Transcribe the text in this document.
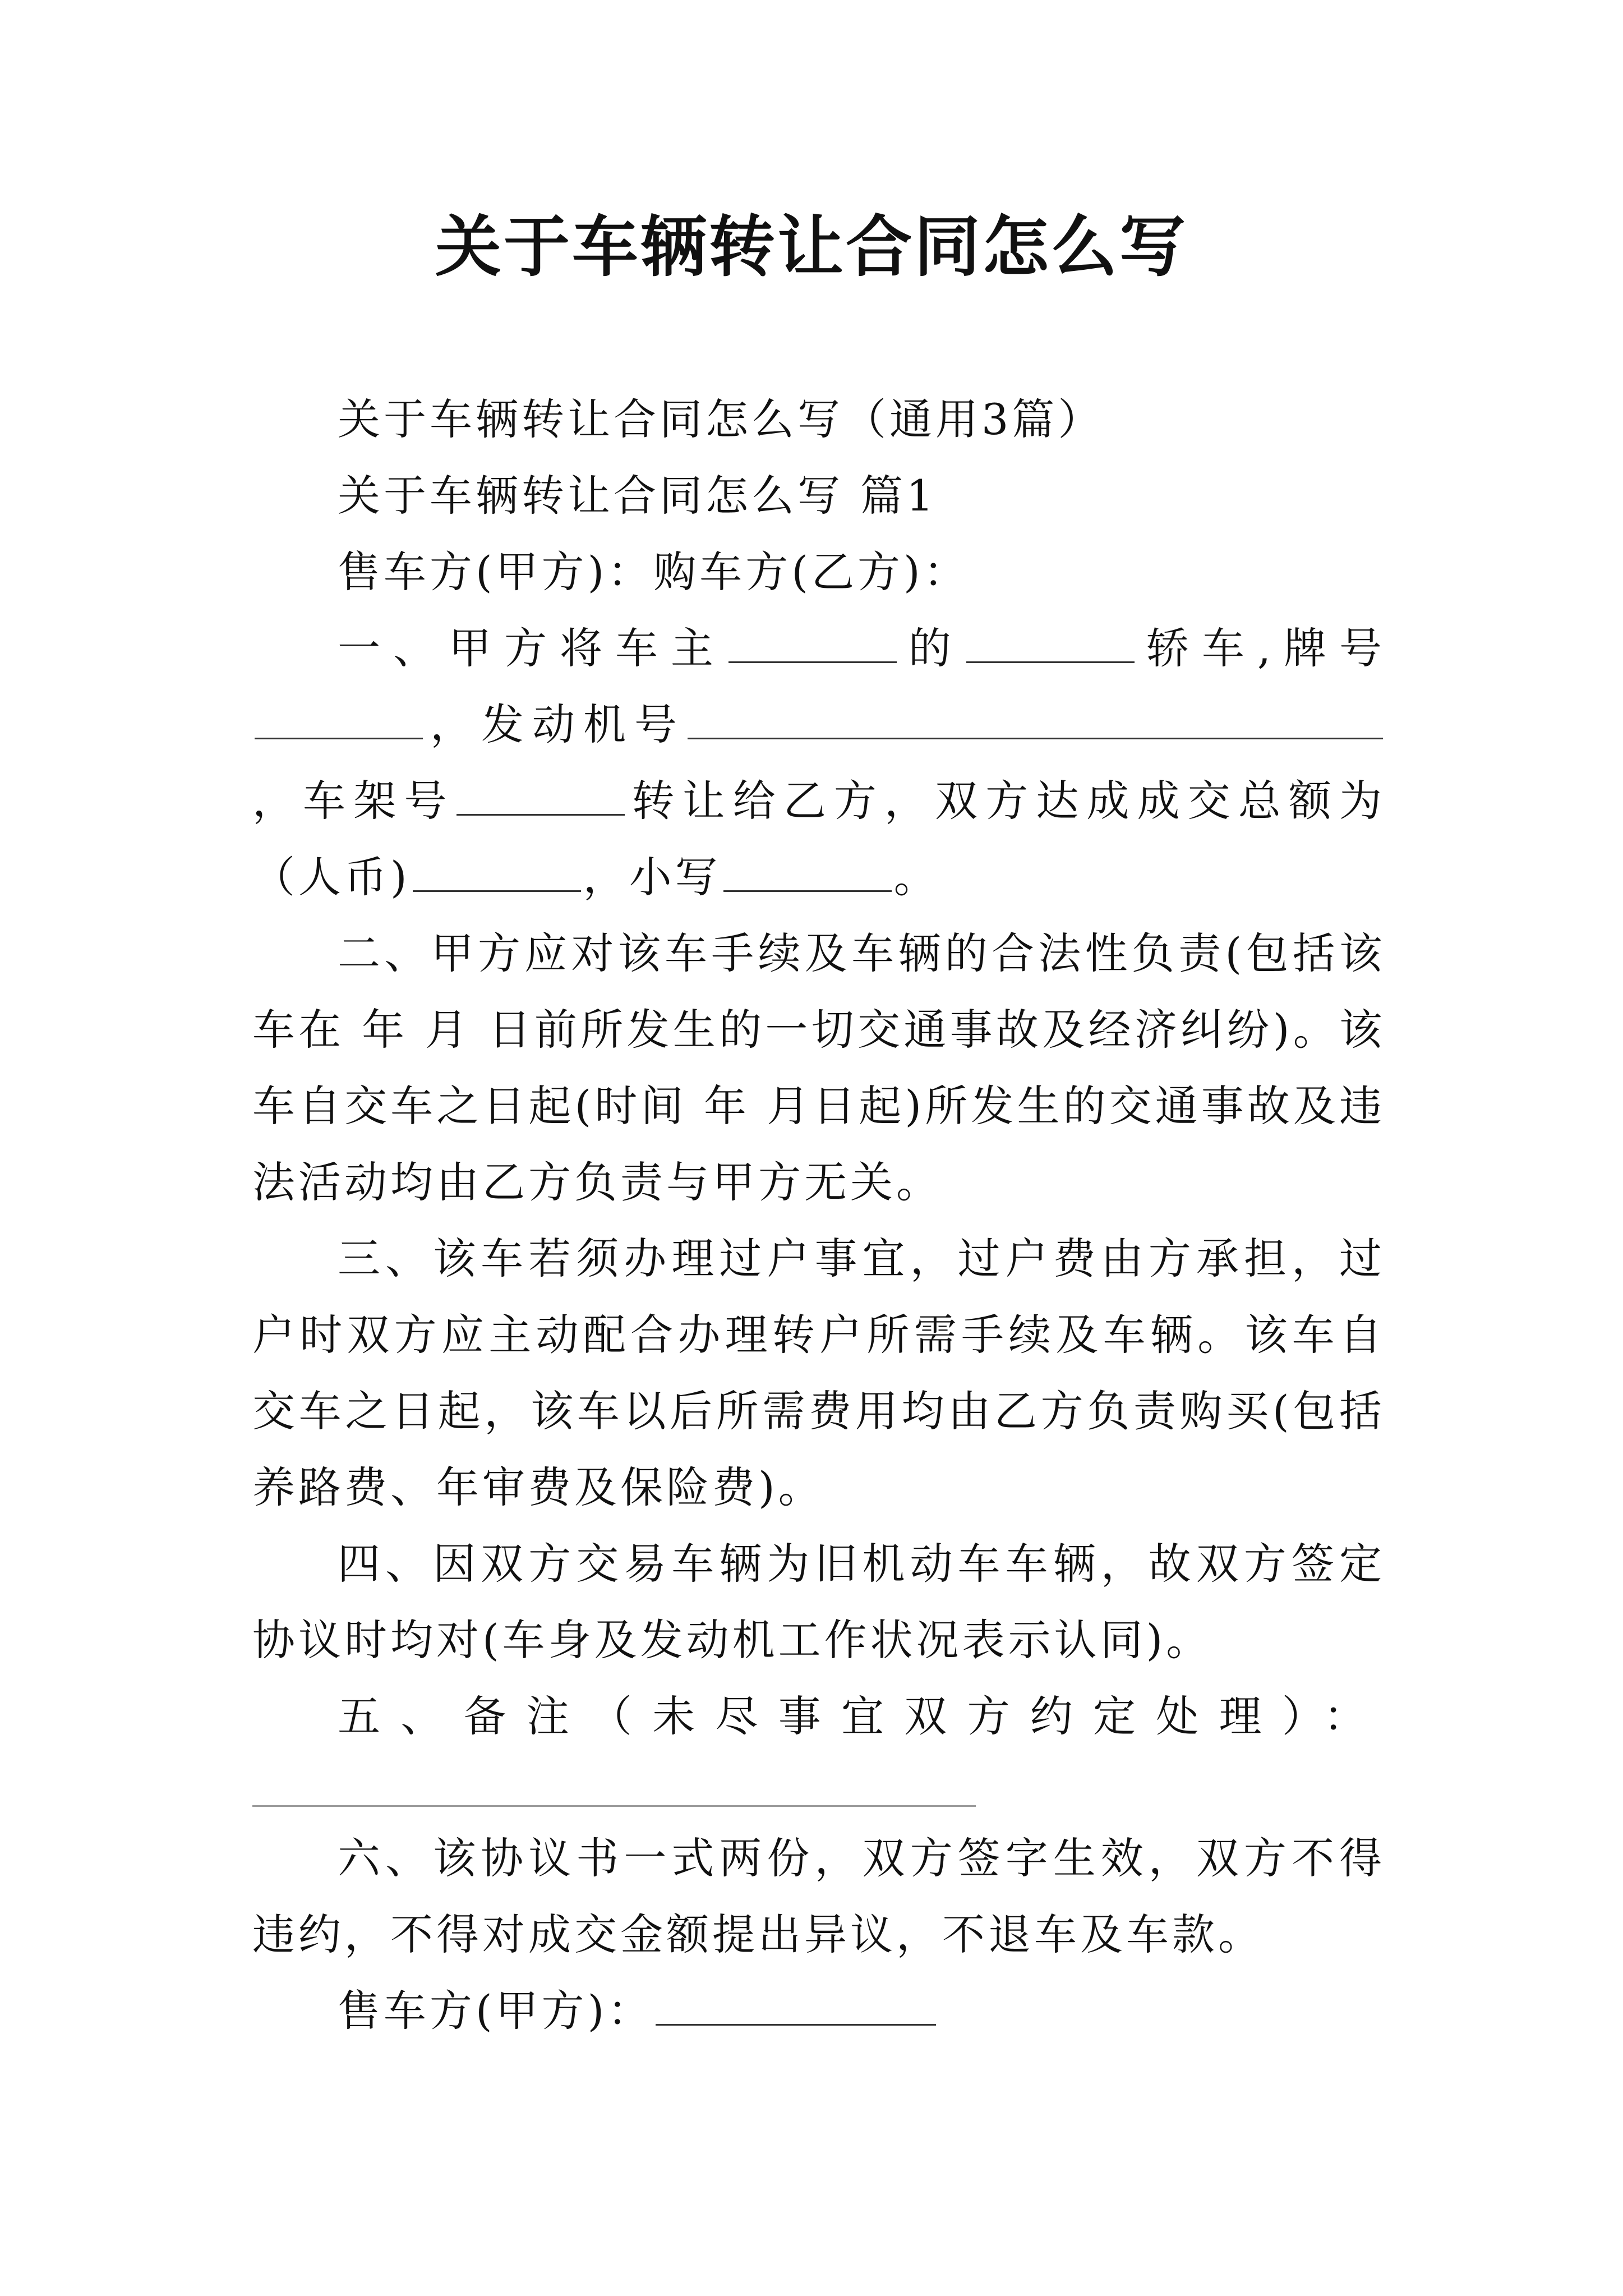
关于车辆转让合同怎么写

关于车辆转让合同怎么写（通用3篇）

关于车辆转让合同怎么写 篇1

售车方(甲方)：购车方(乙方)：

一、甲方将车主	的	轿车,牌号，发动机号，车架号	转让给乙方，双方达成成交总额为（人币)	，小写	。

二、甲方应对该车手续及车辆的合法性负责(包括该车在 年 月 日前所发生的一切交通事故及经济纠纷)。该车自交车之日起(时间 年 月日起)所发生的交通事故及违法活动均由乙方负责与甲方无关。

三、该车若须办理过户事宜，过户费由方承担，过户时双方应主动配合办理转户所需手续及车辆。该车自交车之日起，该车以后所需费用均由乙方负责购买(包括养路费、年审费及保险费)。

四、因双方交易车辆为旧机动车车辆，故双方签定协议时均对(车身及发动机工作状况表示认同)。

五、备注（未尽事宜双方约定处理）：

六、该协议书一式两份，双方签字生效，双方不得违约，不得对成交金额提出异议，不退车及车款。

售车方(甲方)：
